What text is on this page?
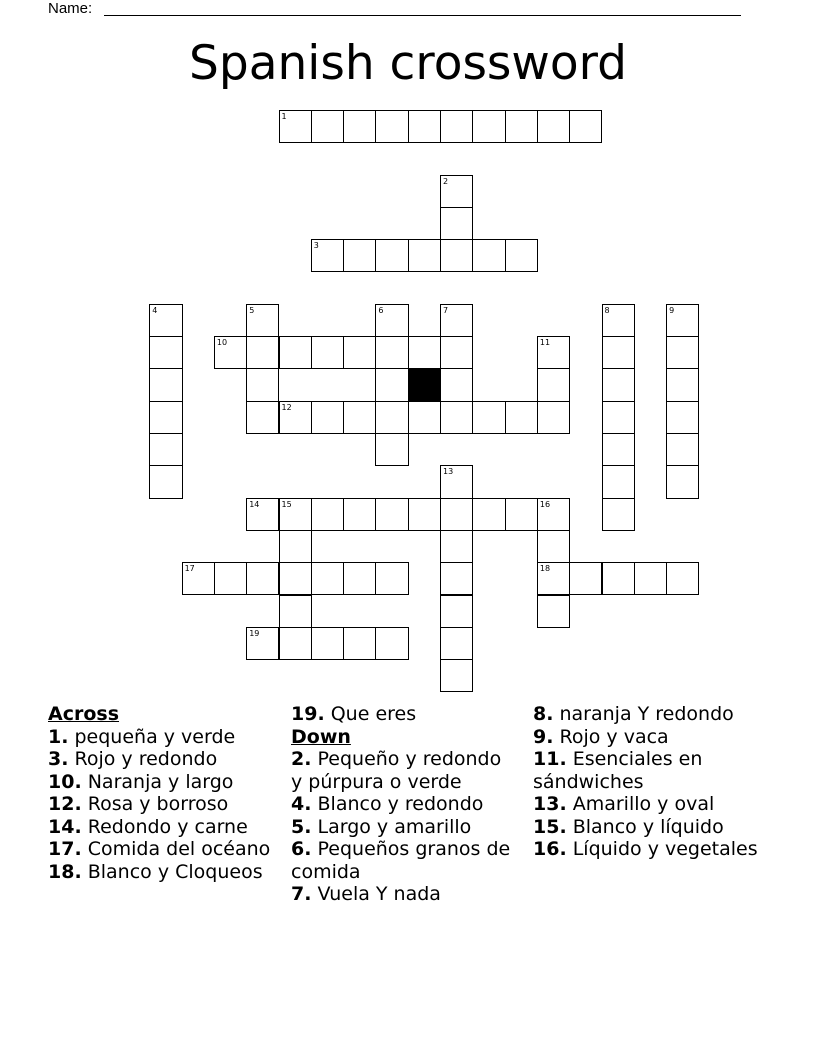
Name:
Spanish crossword
1
2
3
4	5	6	7	8	9
10	11
12
13
14	15	16
17	18
19
Across
1. pequeña y verde
3. Rojo y redondo
10. Naranja y largo
12. Rosa y borroso
14. Redondo y carne
17. Comida del océano
18. Blanco y Cloqueos
19. Que eres
Down
2. Pequeño y redondo y púrpura o verde
4. Blanco y redondo
5. Largo y amarillo
6. Pequeños granos de comida
7. Vuela Y nada
8. naranja Y redondo
9. Rojo y vaca
11. Esenciales en sándwiches
13. Amarillo y oval
15. Blanco y líquido
16. Líquido y vegetales
